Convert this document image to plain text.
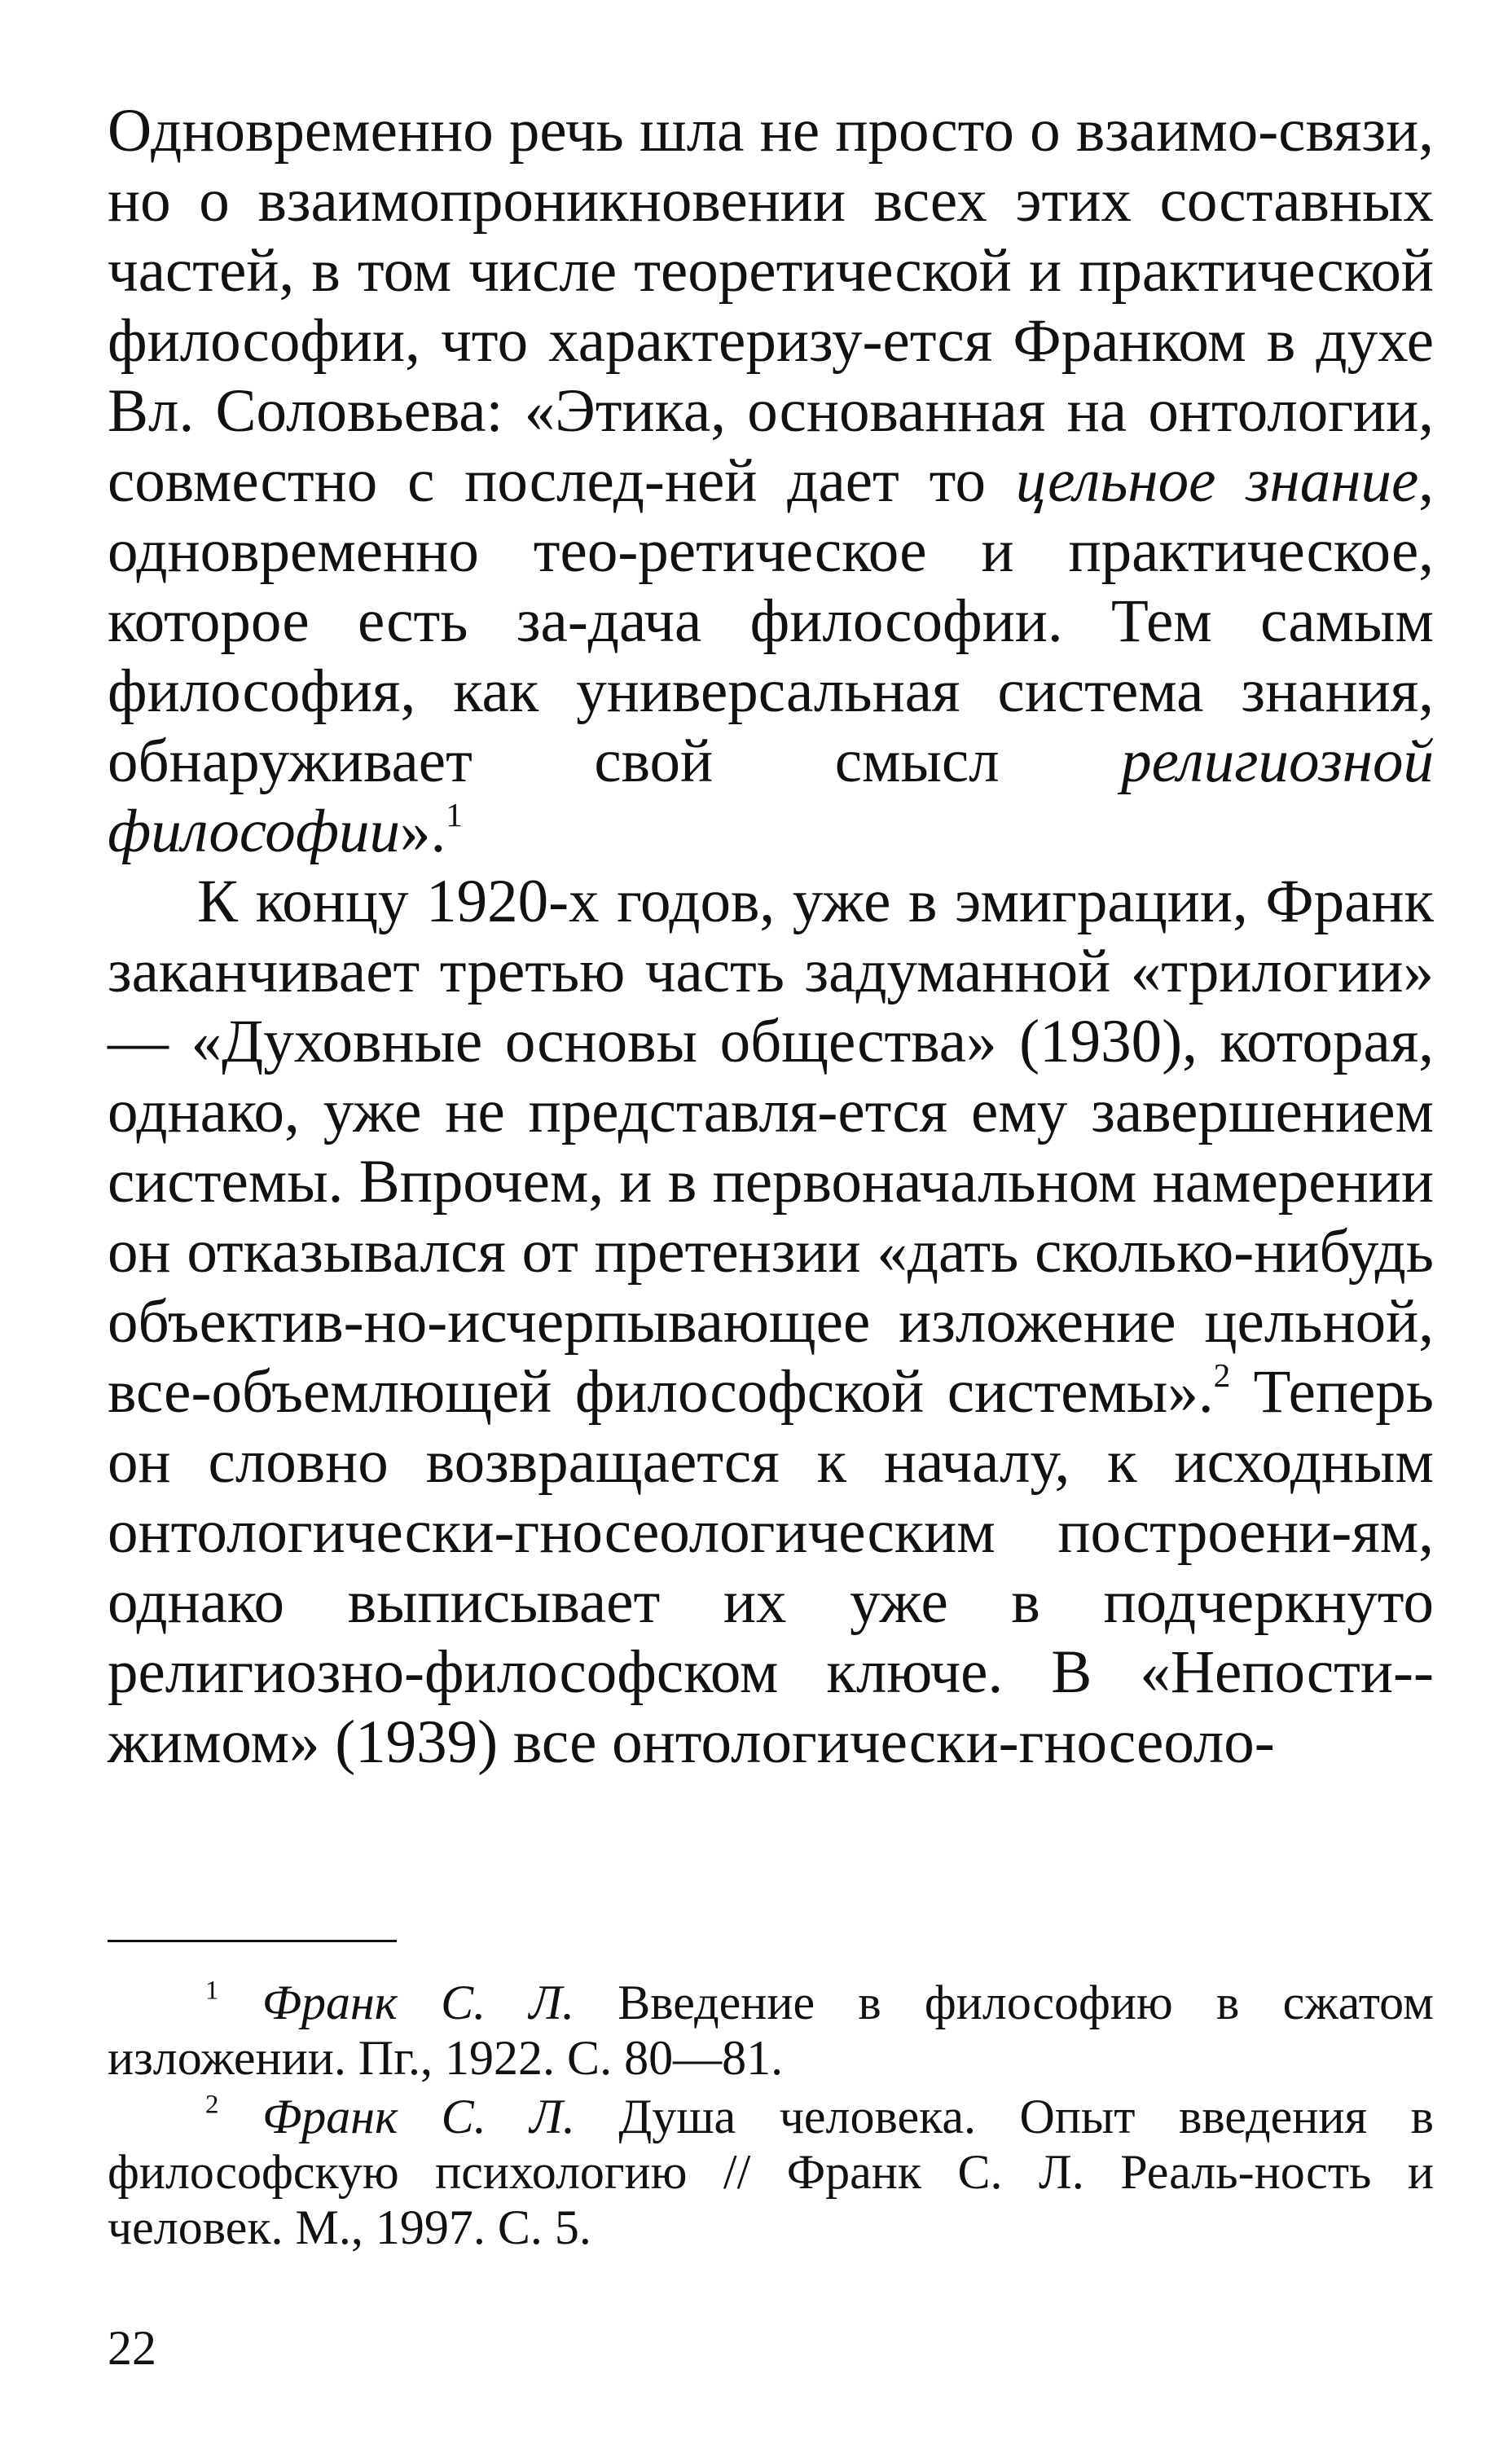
Одновременно речь шла не просто о взаимо-связи, но о взаимопроникновении всех этих составных частей, в том числе теоретической и практической философии, что характеризу-ется Франком в духе Вл. Соловьева: «Этика, основанная на онтологии, совместно с послед-ней дает то цельное знание, одновременно тео-ретическое и практическое, которое есть за-дача философии. Тем самым философия, как универсальная система знания, обнаруживает свой смысл религиозной философии».$^1$

К концу 1920-х годов, уже в эмиграции, Франк заканчивает третью часть задуманной «трилогии» — «Духовные основы общества» (1930), которая, однако, уже не представля-ется ему завершением системы. Впрочем, и в первоначальном намерении он отказывался от претензии «дать сколько-нибудь объектив-но-исчерпывающее изложение цельной, все-объемлющей философской системы».$^2$ Теперь он словно возвращается к началу, к исходным онтологически-гносеологическим построени-ям, однако выписывает их уже в подчеркнуто религиозно-философском ключе. В «Непости-жимом» (1939) все онтологически-гносеоло-

$^1$ Франк С. Л. Введение в философию в сжатом изложении. Пг., 1922. С. 80—81.

$^2$ Франк С. Л. Душа человека. Опыт введения в философскую психологию // Франк С. Л. Реаль-ность и человек. М., 1997. С. 5.

22
